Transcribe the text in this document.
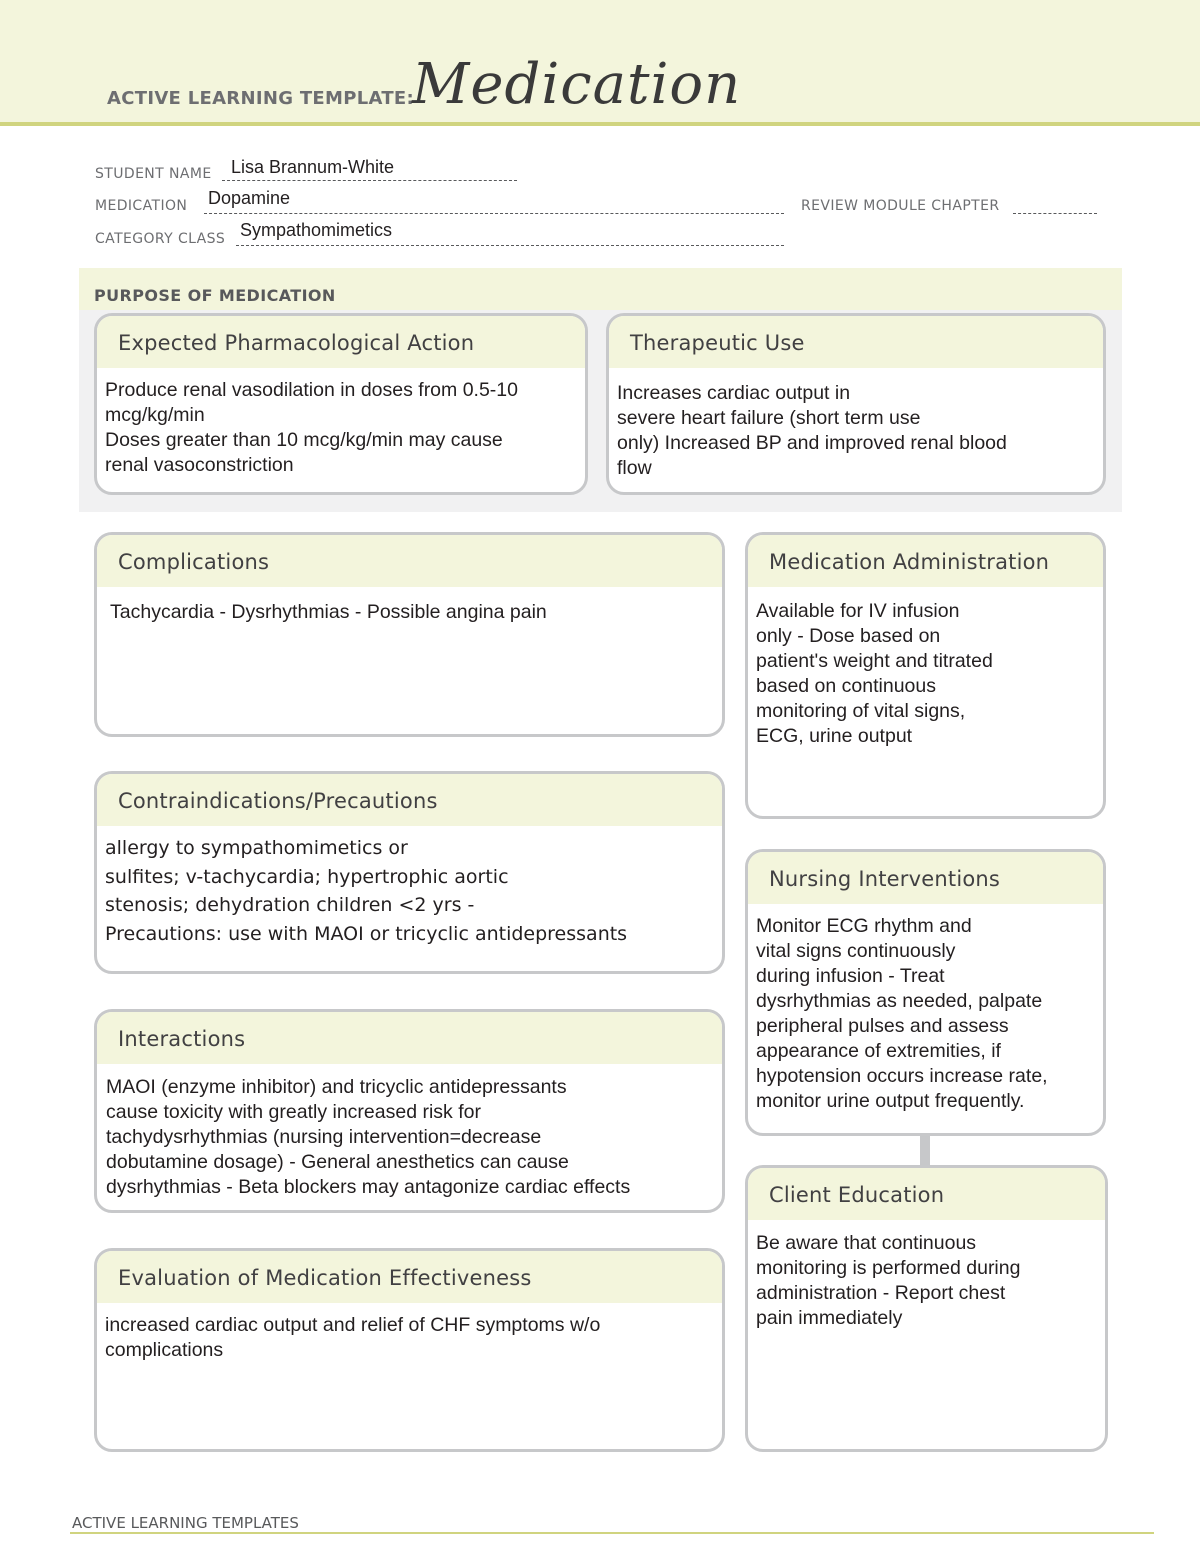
ACTIVE LEARNING TEMPLATE:
Medication
STUDENT NAME Lisa Brannum-White
MEDICATION Dopamine	REVIEW MODULE CHAPTER
CATEGORY CLASS Sympathomimetics
PURPOSE OF MEDICATION
Expected Pharmacological Action
Produce renal vasodilation in doses from 0.5-10
mcg/kg/min
Doses greater than 10 mcg/kg/min may cause
renal vasoconstriction
Therapeutic Use
Increases cardiac output in
severe heart failure (short term use
only) Increased BP and improved renal blood
flow
Complications
Tachycardia - Dysrhythmias - Possible angina pain
Medication Administration
Available for IV infusion
only - Dose based on
patient's weight and titrated
based on continuous
monitoring of vital signs,
ECG, urine output
Contraindications/Precautions
allergy to sympathomimetics or
sulfites; v-tachycardia; hypertrophic aortic
stenosis; dehydration children <2 yrs -
Precautions: use with MAOI or tricyclic antidepressants
Nursing Interventions
Monitor ECG rhythm and
vital signs continuously
during infusion - Treat
dysrhythmias as needed, palpate
peripheral pulses and assess
appearance of extremities, if
hypotension occurs increase rate,
monitor urine output frequently.
Interactions
MAOI (enzyme inhibitor) and tricyclic antidepressants
cause toxicity with greatly increased risk for
tachydysrhythmias (nursing intervention=decrease
dobutamine dosage) - General anesthetics can cause
dysrhythmias - Beta blockers may antagonize cardiac effects	Client Education
Be aware that continuous
monitoring is performed during
administration - Report chest
pain immediately
Evaluation of Medication Effectiveness
increased cardiac output and relief of CHF symptoms w/o
complications
ACTIVE LEARNING TEMPLATES
